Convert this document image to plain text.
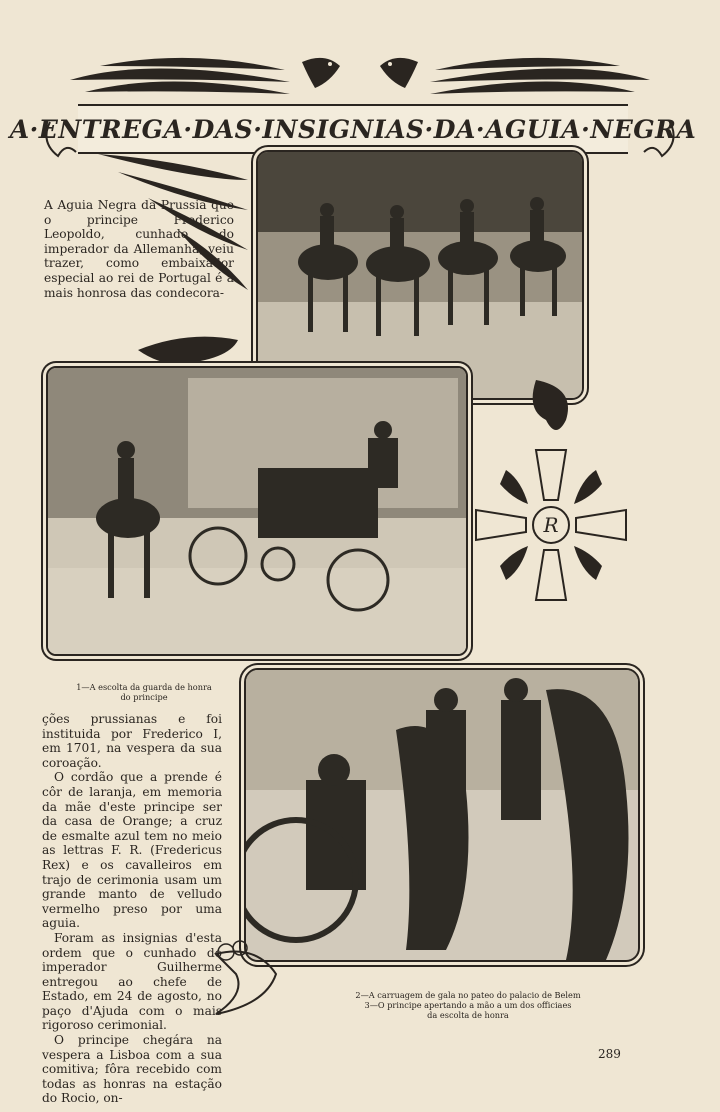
A·ENTREGA·DAS·INSIGNIAS·DA·AGUIA·NEGRA

A Aguia Negra da Prussia que o principe Frederico Leopoldo, cunhado do imperador da Allemanha, veiu trazer, como embaixador especial ao rei de Portugal é a mais honrosa das condecora-

R
1—A escolta da guarda de honra
do principe

ções prussianas e foi instituida por Frederico I, em 1701, na vespera da sua coroação.

O cordão que a prende é côr de laranja, em memoria da mãe d'este principe ser da casa de Orange; a cruz de esmalte azul tem no meio as lettras F. R. (Fredericus Rex) e os cavalleiros em trajo de cerimonia usam um grande manto de velludo vermelho preso por uma aguia.

Foram as insignias d'esta ordem que o cunhado do imperador Guilherme entregou ao chefe de Estado, em 24 de agosto, no paço d'Ajuda com o mais rigoroso cerimonial.

O principe chegára na vespera a Lisboa com a sua comitiva; fôra recebido com todas as honras na estação do Rocio, on-

2—A carruagem de gala no pateo do palacio de Belem
3—O principe apertando a mão a um dos officiaes
da escolta de honra
289
